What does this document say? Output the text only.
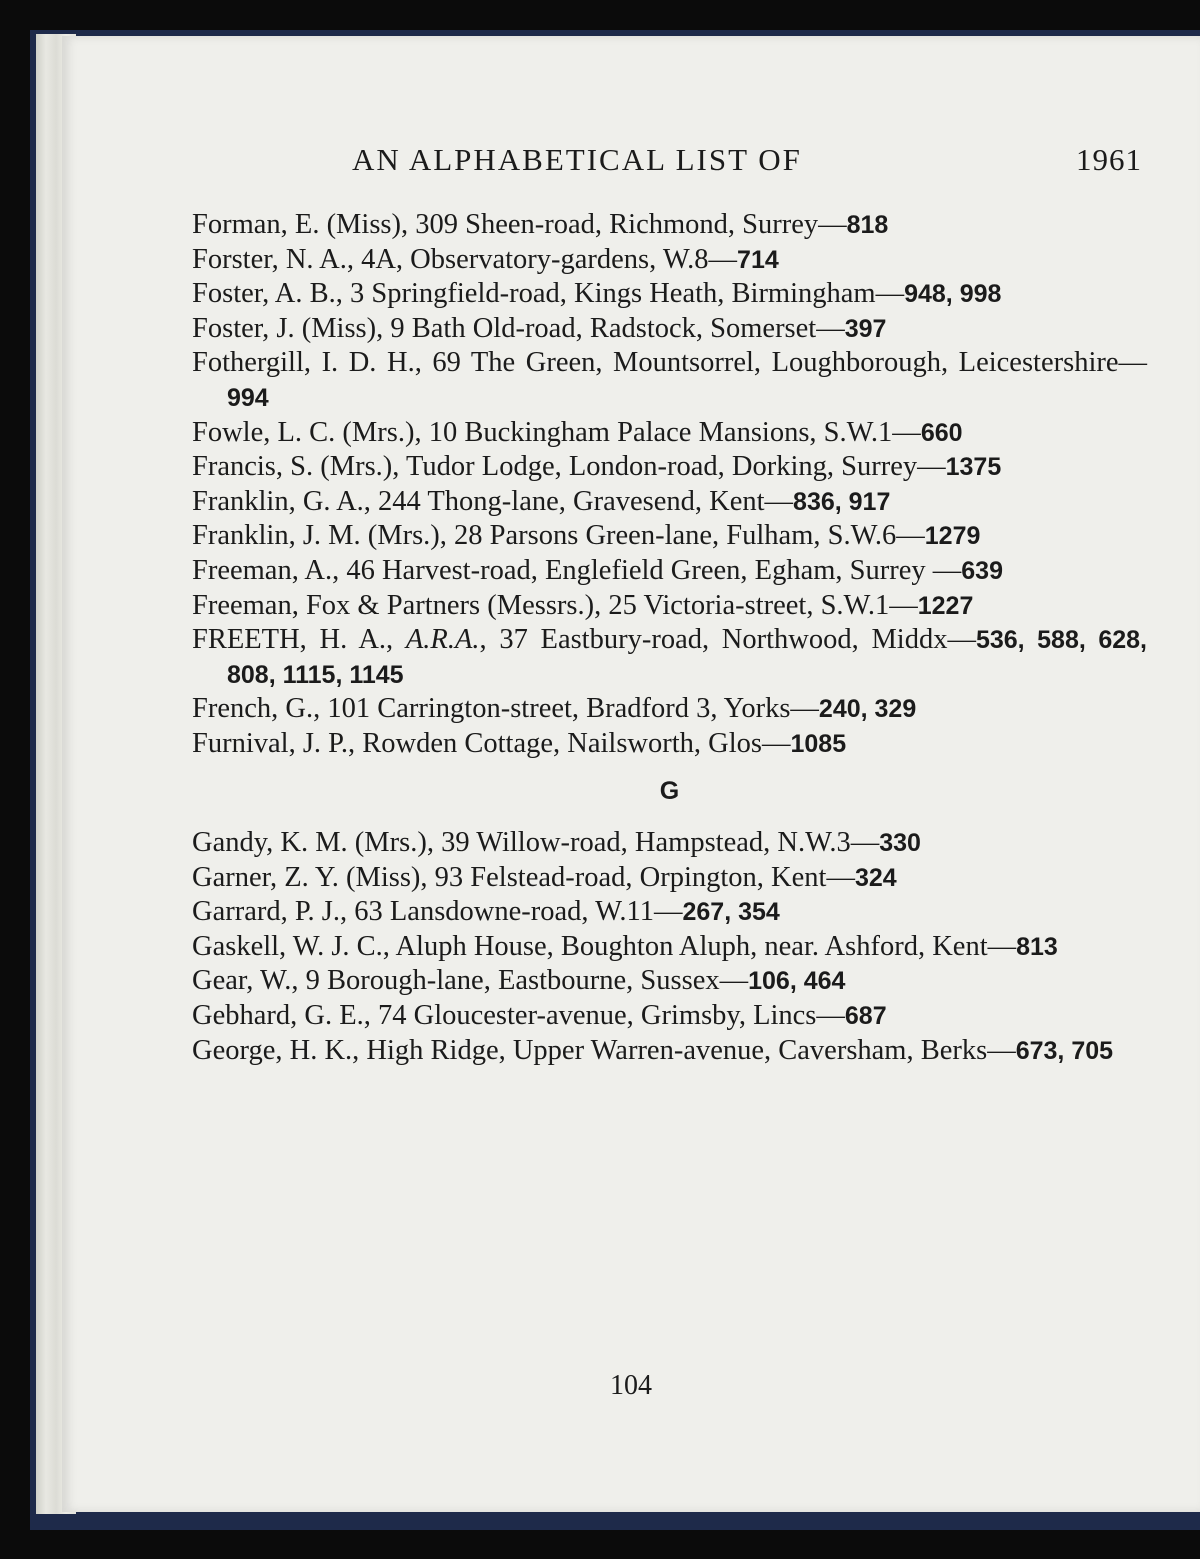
AN ALPHABETICAL LIST OF	1961

Forman, E. (Miss), 309 Sheen-road, Richmond, Surrey—818

Forster, N. A., 4A, Observatory-gardens, W.8—714

Foster, A. B., 3 Springfield-road, Kings Heath, Birmingham—948, 998

Foster, J. (Miss), 9 Bath Old-road, Radstock, Somerset—397

Fothergill, I. D. H., 69 The Green, Mountsorrel, Loughborough, Leicestershire—994

Fowle, L. C. (Mrs.), 10 Buckingham Palace Mansions, S.W.1—660

Francis, S. (Mrs.), Tudor Lodge, London-road, Dorking, Surrey—1375

Franklin, G. A., 244 Thong-lane, Gravesend, Kent—836, 917

Franklin, J. M. (Mrs.), 28 Parsons Green-lane, Fulham, S.W.6—1279

Freeman, A., 46 Harvest-road, Englefield Green, Egham, Surrey —639

Freeman, Fox & Partners (Messrs.), 25 Victoria-street, S.W.1—1227

FREETH, H. A., A.R.A., 37 Eastbury-road, Northwood, Middx—536, 588, 628, 808, 1115, 1145

French, G., 101 Carrington-street, Bradford 3, Yorks—240, 329

Furnival, J. P., Rowden Cottage, Nailsworth, Glos—1085

G

Gandy, K. M. (Mrs.), 39 Willow-road, Hampstead, N.W.3—330

Garner, Z. Y. (Miss), 93 Felstead-road, Orpington, Kent—324

Garrard, P. J., 63 Lansdowne-road, W.11—267, 354

Gaskell, W. J. C., Aluph House, Boughton Aluph, near. Ashford, Kent—813

Gear, W., 9 Borough-lane, Eastbourne, Sussex—106, 464

Gebhard, G. E., 74 Gloucester-avenue, Grimsby, Lincs—687

George, H. K., High Ridge, Upper Warren-avenue, Caversham, Berks—673, 705

104
